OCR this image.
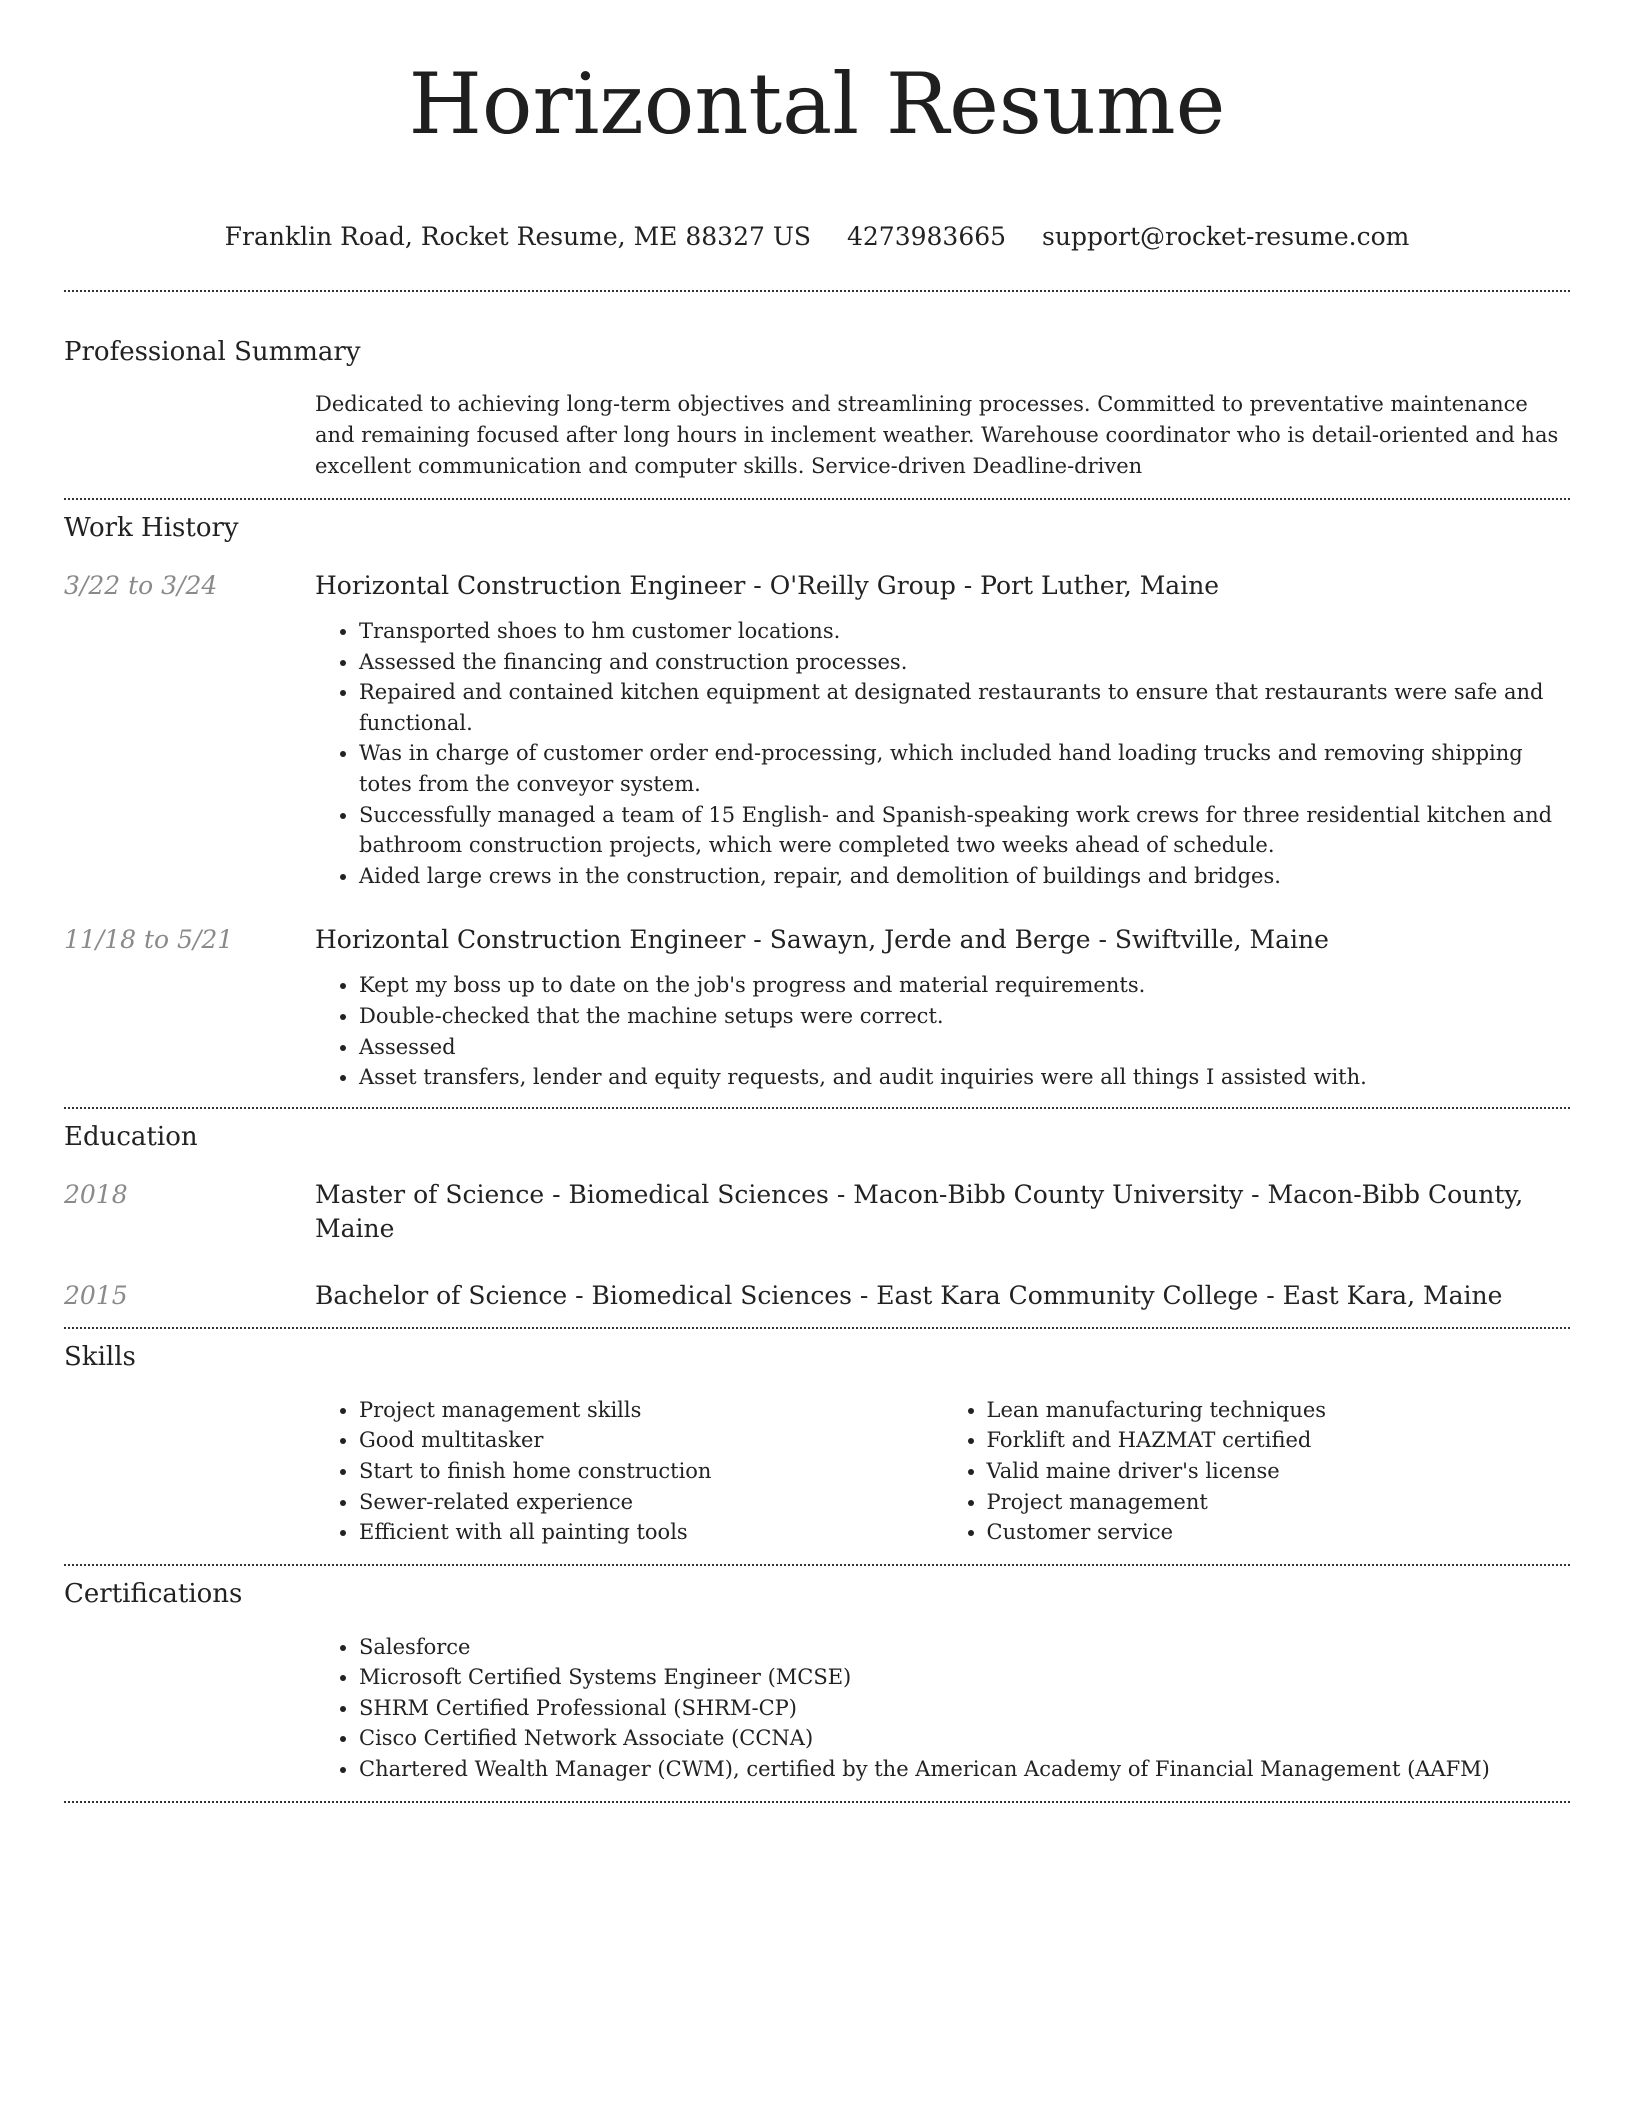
Horizontal Resume
Franklin Road, Rocket Resume, ME 88327 US 4273983665 support@rocket-resume.com
Professional Summary

Dedicated to achieving long-term objectives and streamlining processes. Committed to preventative maintenance and remaining focused after long hours in inclement weather. Warehouse coordinator who is detail-oriented and has excellent communication and computer skills. Service-driven Deadline-driven

Work History
3/22 to 3/24	Horizontal Construction Engineer - O'Reilly Group - Port Luther, Maine

• Transported shoes to hm customer locations.
• Assessed the financing and construction processes.
• Repaired and contained kitchen equipment at designated restaurants to ensure that restaurants were safe and functional.
• Was in charge of customer order end-processing, which included hand loading trucks and removing shipping totes from the conveyor system.
• Successfully managed a team of 15 English- and Spanish-speaking work crews for three residential kitchen and bathroom construction projects, which were completed two weeks ahead of schedule.
• Aided large crews in the construction, repair, and demolition of buildings and bridges.
11/18 to 5/21	Horizontal Construction Engineer - Sawayn, Jerde and Berge - Swiftville, Maine

• Kept my boss up to date on the job's progress and material requirements.
• Double-checked that the machine setups were correct.
• Assessed
• Asset transfers, lender and equity requests, and audit inquiries were all things I assisted with.
Education
2018	Master of Science - Biomedical Sciences - Macon-Bibb County University - Macon-Bibb County, Maine

2015	Bachelor of Science - Biomedical Sciences - East Kara Community College - East Kara, Maine

Skills
• Project management skills
• Good multitasker
• Start to finish home construction
• Sewer-related experience
• Efficient with all painting tools
• Lean manufacturing techniques
• Forklift and HAZMAT certified
• Valid maine driver's license
• Project management
• Customer service
Certifications
• Salesforce
• Microsoft Certified Systems Engineer (MCSE)
• SHRM Certified Professional (SHRM-CP)
• Cisco Certified Network Associate (CCNA)
• Chartered Wealth Manager (CWM), certified by the American Academy of Financial Management (AAFM)
